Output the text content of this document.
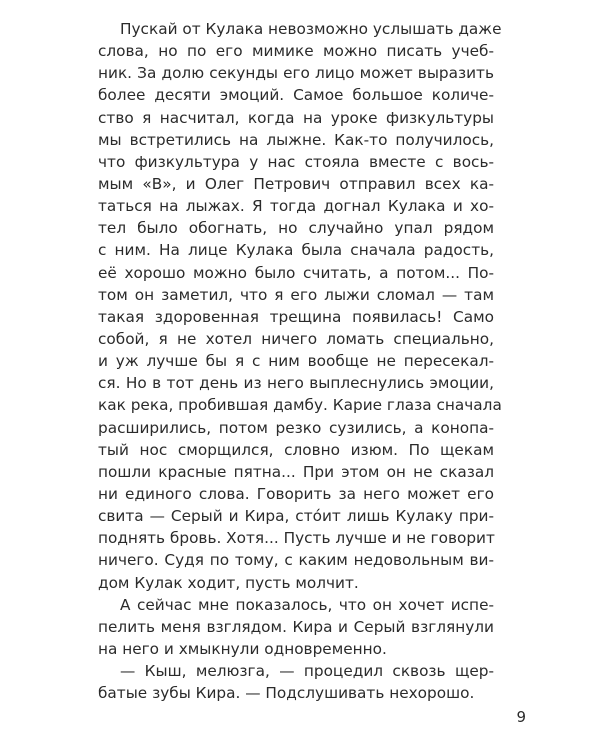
Пускай от Кулака невозможно услышать даже
слова, но по его мимике можно писать учеб-
ник. За долю секунды его лицо может выразить
более десяти эмоций. Самое большое количе-
ство я насчитал, когда на уроке физкультуры
мы встретились на лыжне. Как-то получилось,
что физкультура у нас стояла вместе с вось-
мым «В», и Олег Петрович отправил всех ка-
таться на лыжах. Я тогда догнал Кулака и хо-
тел было обогнать, но случайно упал рядом
с ним. На лице Кулака была сначала радость,
её хорошо можно было считать, а потом... По-
том он заметил, что я его лыжи сломал — там
такая здоровенная трещина появилась! Само
собой, я не хотел ничего ломать специально,
и уж лучше бы я с ним вообще не пересекал-
ся. Но в тот день из него выплеснулись эмоции,
как река, пробившая дамбу. Карие глаза сначала
расширились, потом резко сузились, а конопа-
тый нос сморщился, словно изюм. По щекам
пошли красные пятна... При этом он не сказал
ни единого слова. Говорить за него может его
свита — Серый и Кира, сто́ит лишь Кулаку при-
поднять бровь. Хотя... Пусть лучше и не говорит
ничего. Судя по тому, с каким недовольным ви-
дом Кулак ходит, пусть молчит.
А сейчас мне показалось, что он хочет испе-
пелить меня взглядом. Кира и Серый взглянули
на него и хмыкнули одновременно.
— Кыш, мелюзга, — процедил сквозь щер-
батые зубы Кира. — Подслушивать нехорошо.
9
